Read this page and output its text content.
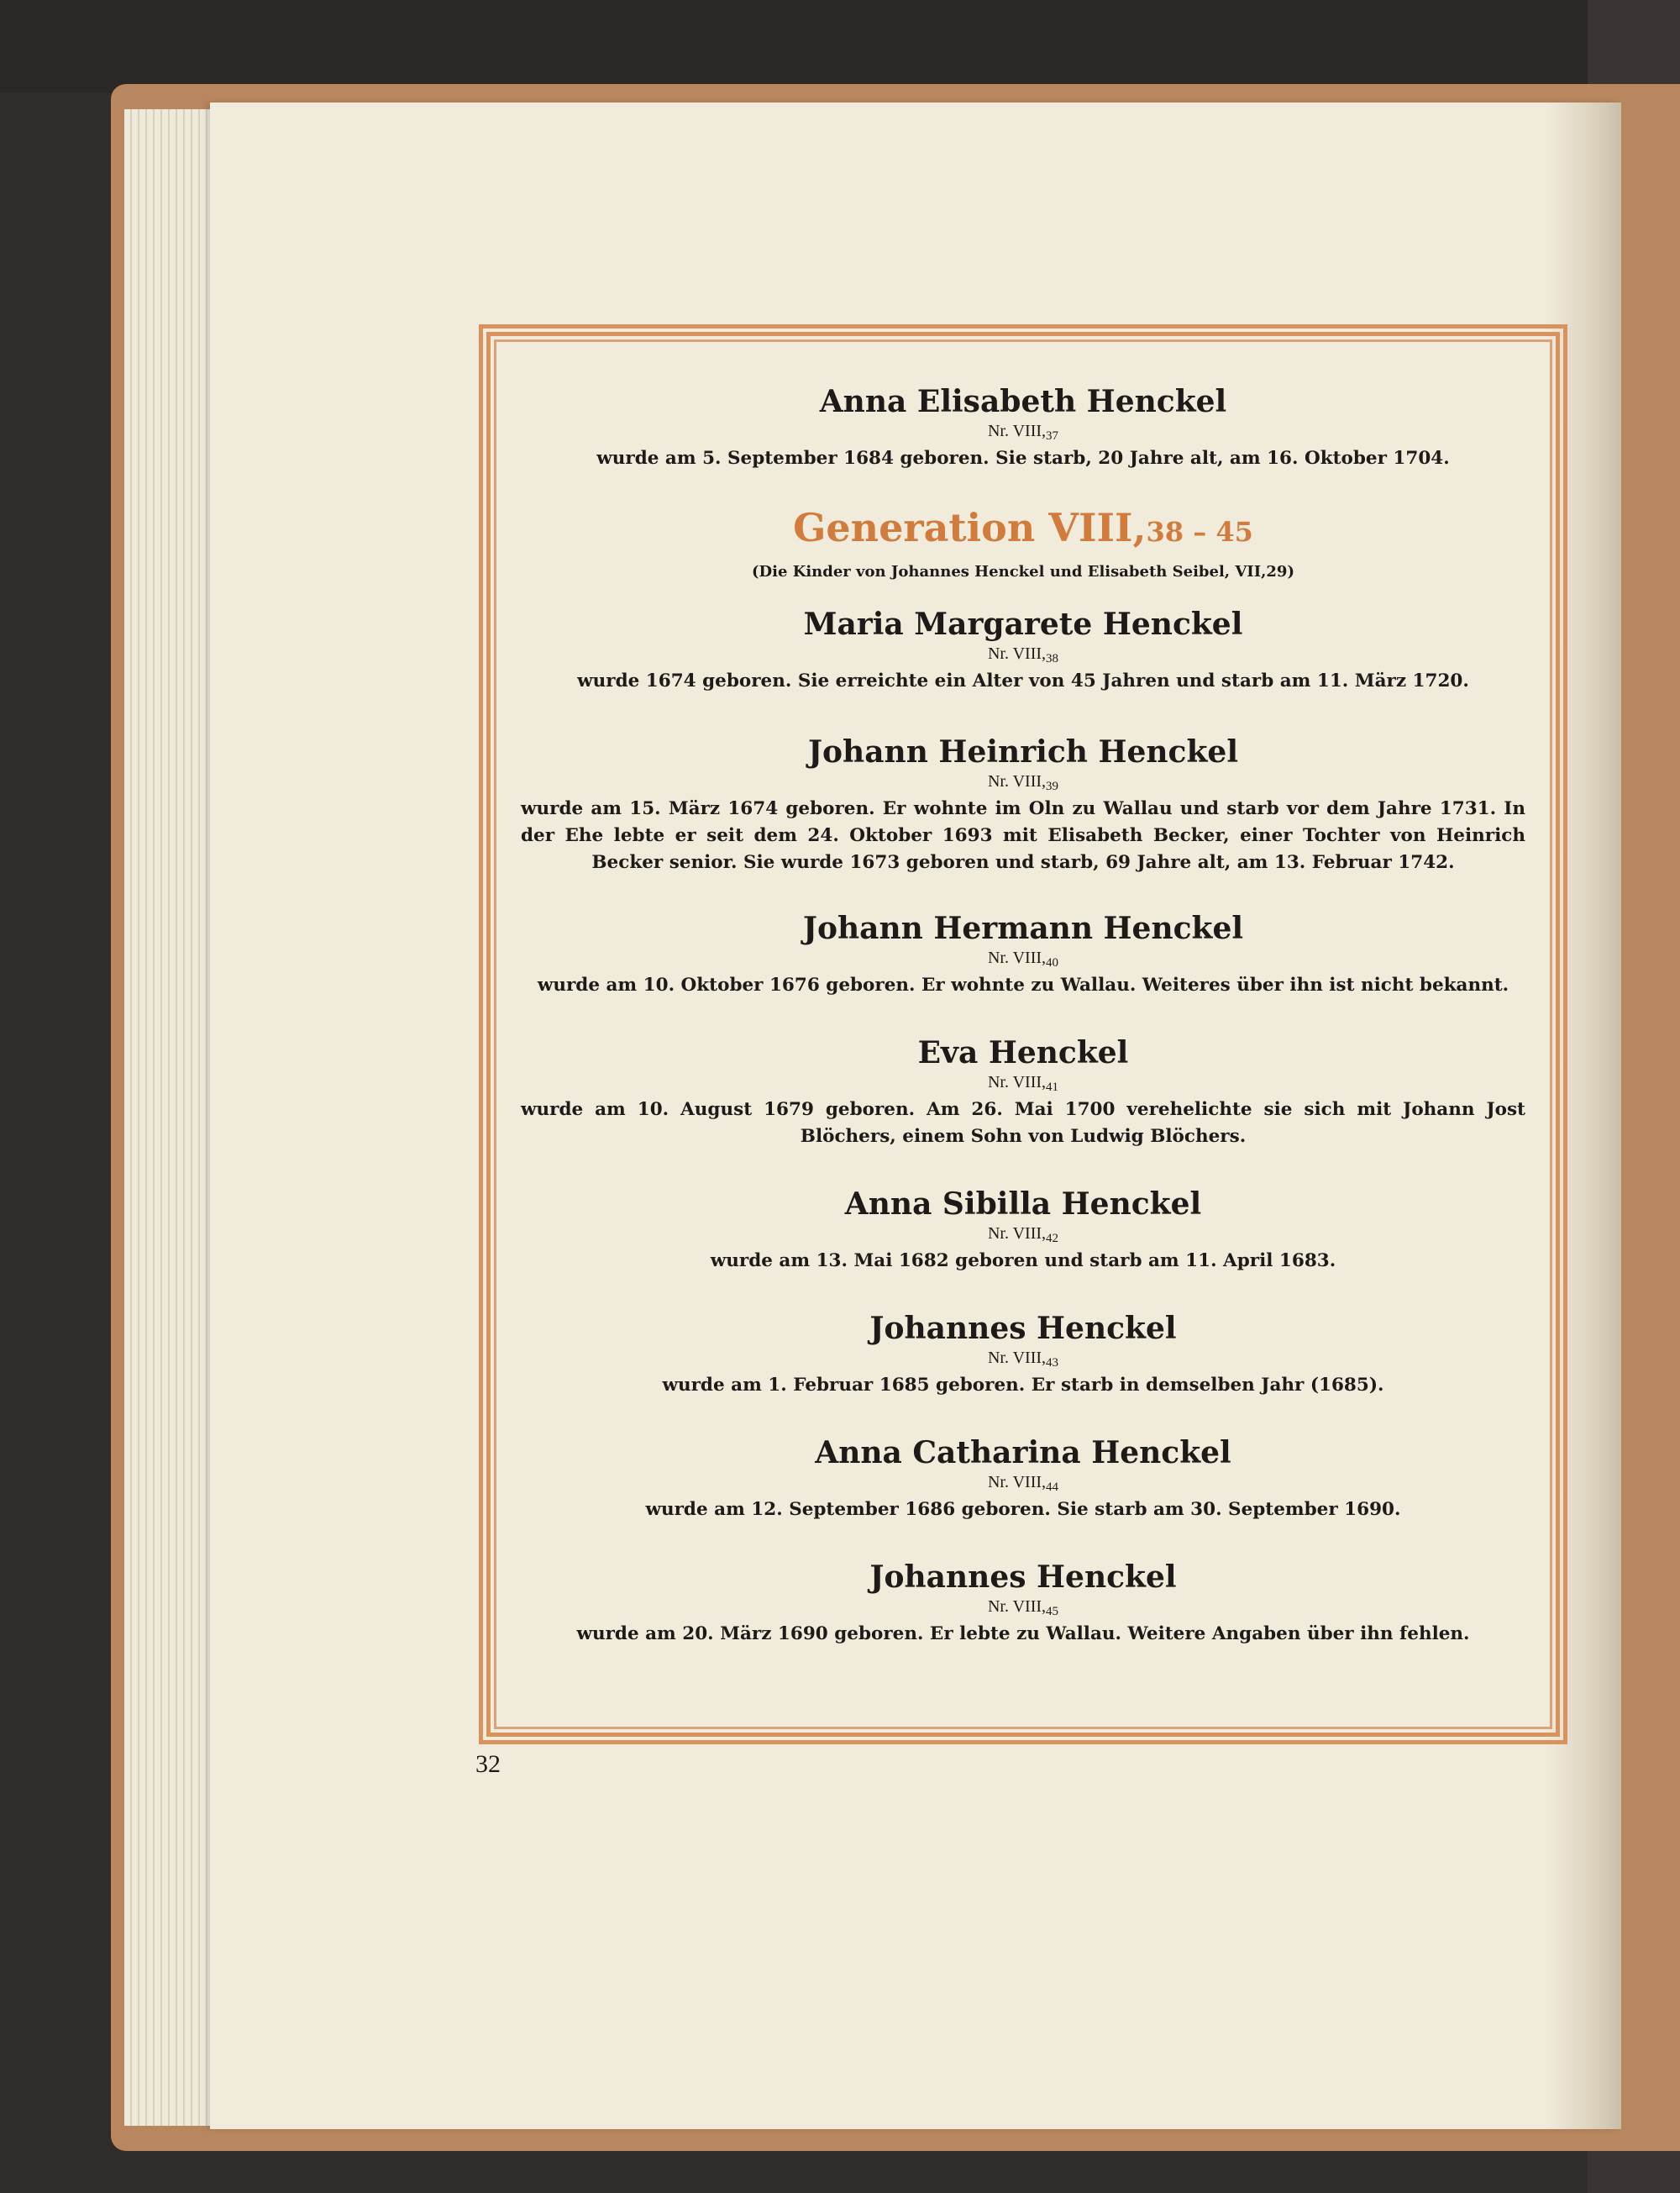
Anna Elisabeth Henckel

Nr. $VIII,_{37}$

wurde am 5. September 1684 geboren. Sie starb, 20 Jahre alt, am 16. Oktober 1704.

Generation VIII,38 – 45

(Die Kinder von Johannes Henckel und Elisabeth Seibel, VII,29)

Maria Margarete Henckel

Nr. $VIII,_{38}$

wurde 1674 geboren. Sie erreichte ein Alter von 45 Jahren und starb am 11. März 1720.

Johann Heinrich Henckel

Nr. $VIII,_{39}$

wurde am 15. März 1674 geboren. Er wohnte im Oln zu Wallau und starb vor dem Jahre 1731. In der Ehe lebte er seit dem 24. Oktober 1693 mit Elisabeth Becker, einer Tochter von Heinrich Becker senior. Sie wurde 1673 geboren und starb, 69 Jahre alt, am 13. Februar 1742.

Johann Hermann Henckel

Nr. $VIII,_{40}$

wurde am 10. Oktober 1676 geboren. Er wohnte zu Wallau. Weiteres über ihn ist nicht bekannt.

Eva Henckel

Nr. $VIII,_{41}$

wurde am 10. August 1679 geboren. Am 26. Mai 1700 verehelichte sie sich mit Johann Jost Blöchers, einem Sohn von Ludwig Blöchers.

Anna Sibilla Henckel

Nr. $VIII,_{42}$

wurde am 13. Mai 1682 geboren und starb am 11. April 1683.

Johannes Henckel

Nr. $VIII,_{43}$

wurde am 1. Februar 1685 geboren. Er starb in demselben Jahr (1685).

Anna Catharina Henckel

Nr. $VIII,_{44}$

wurde am 12. September 1686 geboren. Sie starb am 30. September 1690.

Johannes Henckel

Nr. $VIII,_{45}$

wurde am 20. März 1690 geboren. Er lebte zu Wallau. Weitere Angaben über ihn fehlen.

32
